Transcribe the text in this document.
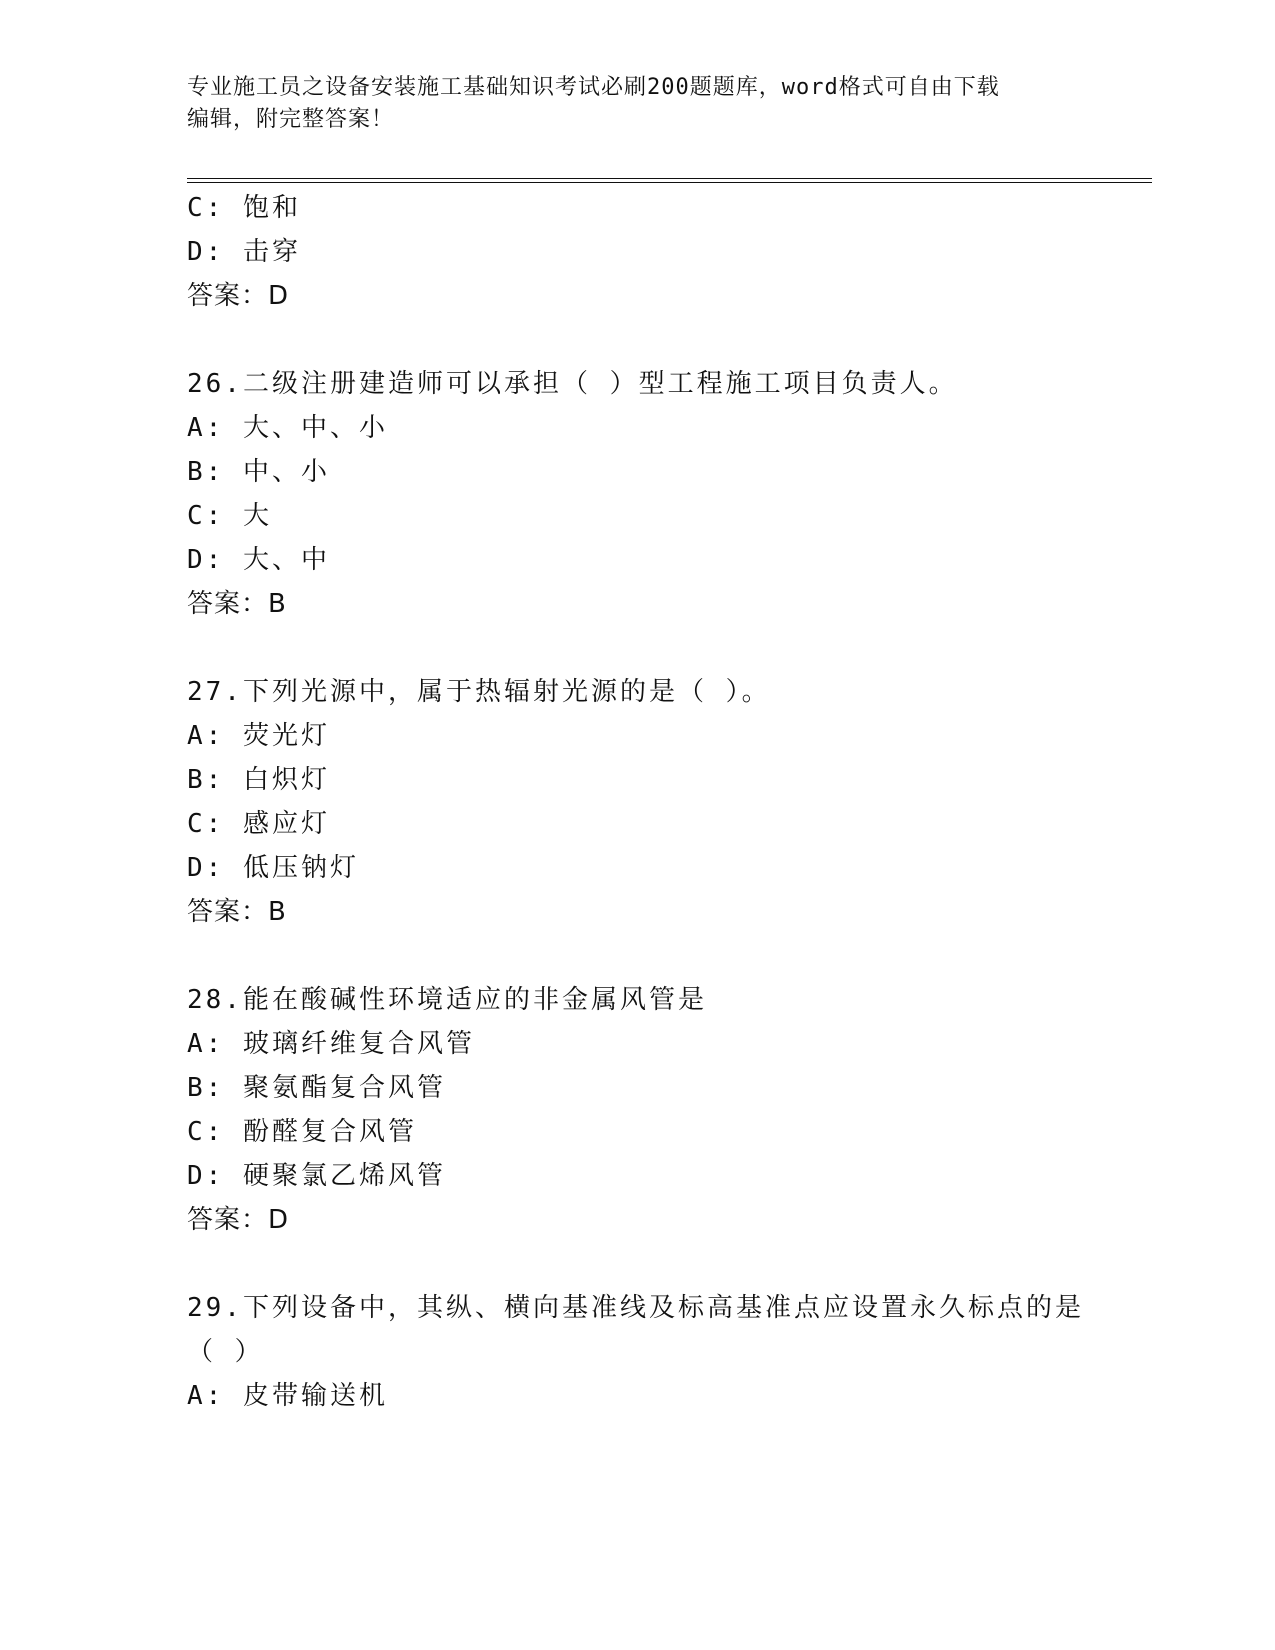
专业施工员之设备安装施工基础知识考试必刷200题题库，word格式可自由下载
编辑，附完整答案！
C: 饱和
D: 击穿
答案：D
26.二级注册建造师可以承担（ ）型工程施工项目负责人。
A: 大、中、小
B: 中、小
C: 大
D: 大、中
答案：B
27.下列光源中，属于热辐射光源的是（ ）。
A: 荧光灯
B: 白炽灯
C: 感应灯
D: 低压钠灯
答案：B
28.能在酸碱性环境适应的非金属风管是
A: 玻璃纤维复合风管
B: 聚氨酯复合风管
C: 酚醛复合风管
D: 硬聚氯乙烯风管
答案：D
29.下列设备中，其纵、横向基准线及标高基准点应设置永久标点的是
（ ）
A: 皮带输送机
